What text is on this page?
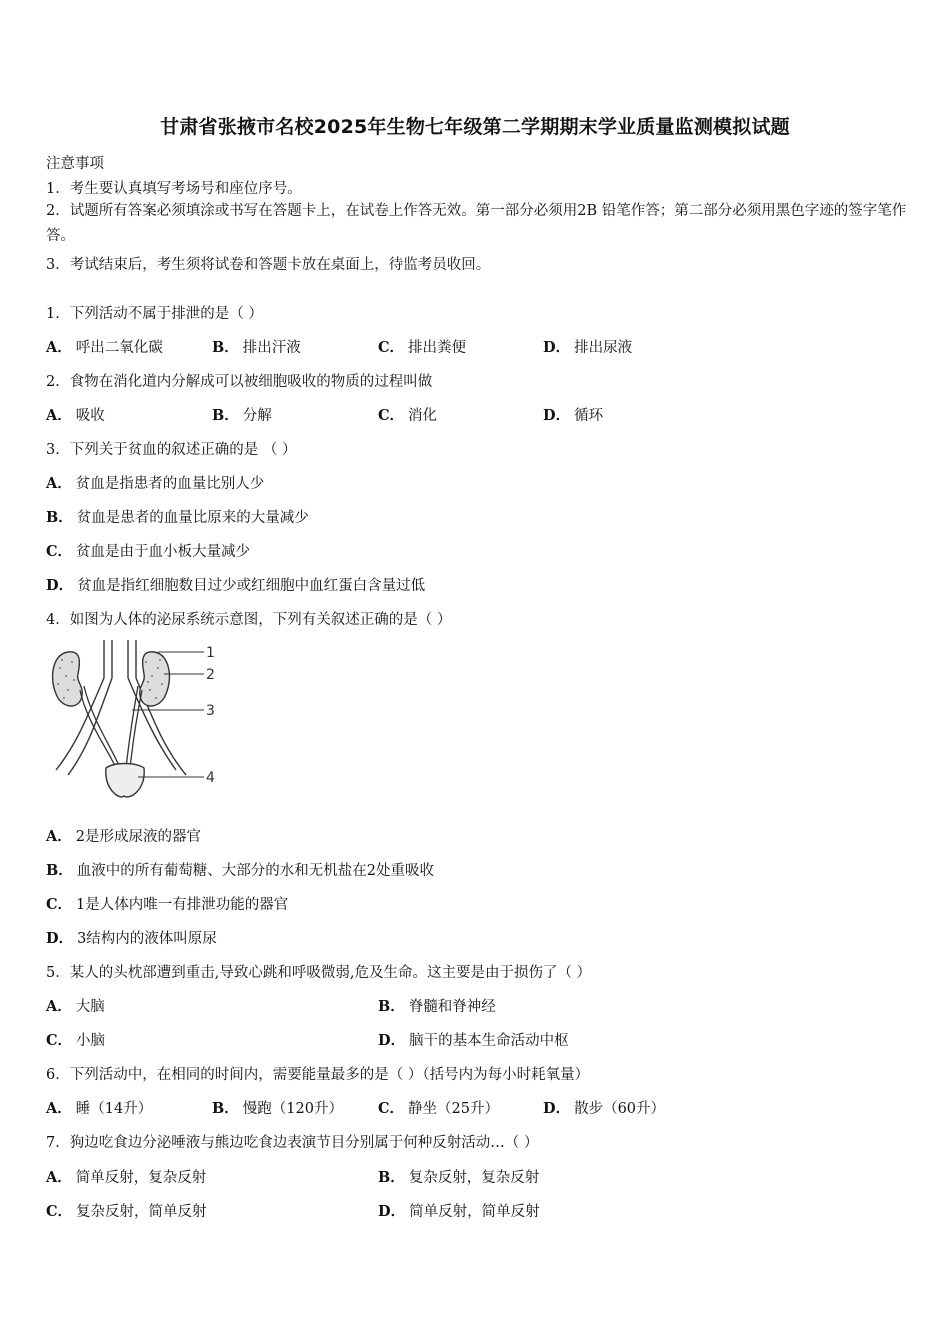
甘肃省张掖市名校2025年生物七年级第二学期期末学业质量监测模拟试题
注意事项
1．考生要认真填写考场号和座位序号。
2．试题所有答案必须填涂或书写在答题卡上，在试卷上作答无效。第一部分必须用2B 铅笔作答；第二部分必须用黑色字迹的签字笔作答。
3．考试结束后，考生须将试卷和答题卡放在桌面上，待监考员收回。
1．下列活动不属于排泄的是（ ）
A． 呼出二氧化碳	B． 排出汗液	C． 排出粪便	D． 排出尿液
2．食物在消化道内分解成可以被细胞吸收的物质的过程叫做
A． 吸收	B． 分解	C． 消化	D． 循环
3．下列关于贫血的叙述正确的是 （ ）
A． 贫血是指患者的血量比别人少
B． 贫血是患者的血量比原来的大量减少
C． 贫血是由于血小板大量减少
D． 贫血是指红细胞数目过少或红细胞中血红蛋白含量过低
4．如图为人体的泌尿系统示意图，下列有关叙述正确的是（ ）
1
2
3
4
A． 2是形成尿液的器官
B． 血液中的所有葡萄糖、大部分的水和无机盐在2处重吸收
C． 1是人体内唯一有排泄功能的器官
D． 3结构内的液体叫原尿
5．某人的头枕部遭到重击,导致心跳和呼吸微弱,危及生命。这主要是由于损伤了（ ）
A． 大脑	B． 脊髓和脊神经
C． 小脑	D． 脑干的基本生命活动中枢
6．下列活动中，在相同的时间内，需要能量最多的是（ ）（括号内为每小时耗氧量）
A． 睡（14升）	B． 慢跑（120升） C． 静坐（25升）	D． 散步（60升）
7．狗边吃食边分泌唾液与熊边吃食边表演节目分别属于何种反射活动…（ ）
A． 简单反射，复杂反射	B． 复杂反射，复杂反射
C． 复杂反射，简单反射	D． 简单反射，简单反射
